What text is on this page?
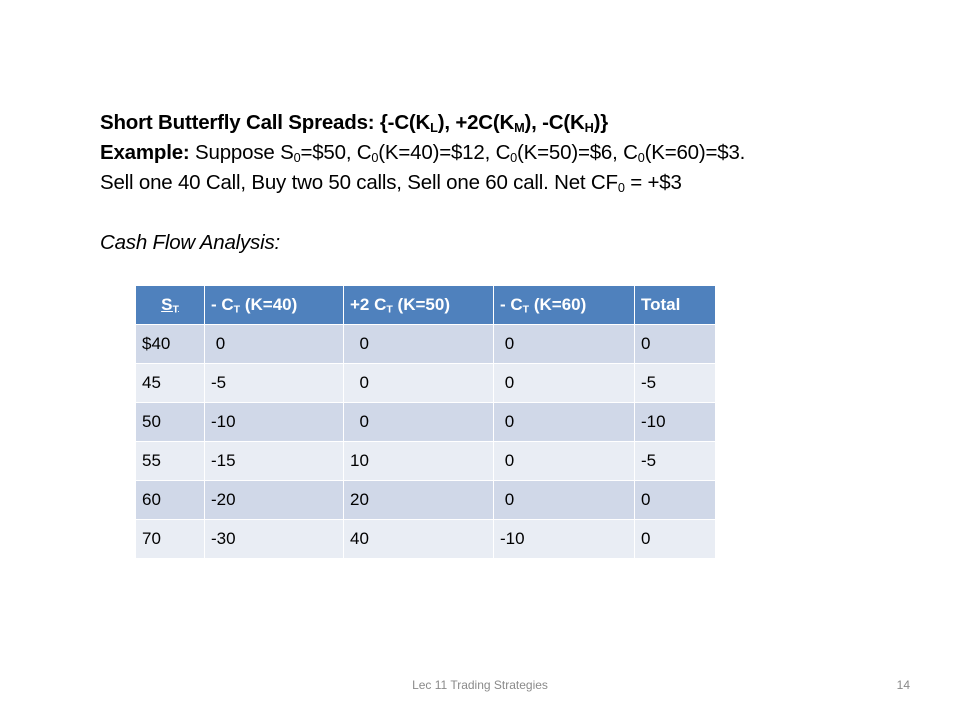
Short Butterfly Call Spreads: {$-C(K_L)$, $+2C(K_M)$, $-C(K_H)$}
Example: Suppose $S_0=\$50$, $C_0(K=40)=\$12$, $C_0(K=50)=\$6$, $C_0(K=60)=\$3$.
Sell one 40 Call, Buy two 50 calls, Sell one 60 call. Net $CF_0$ = +$3
Cash Flow Analysis:
$S_T$	- $C_T$ (K=40)	+2 $C_T$ (K=50)	- $C_T$ (K=60)	Total
$40	0	0	0	0
45	-5	0	0	-5
50	-10	0	0	-10
55	-15	10	0	-5
60	-20	20	0	0
70	-30	40	-10	0
Lec 11 Trading Strategies	14
